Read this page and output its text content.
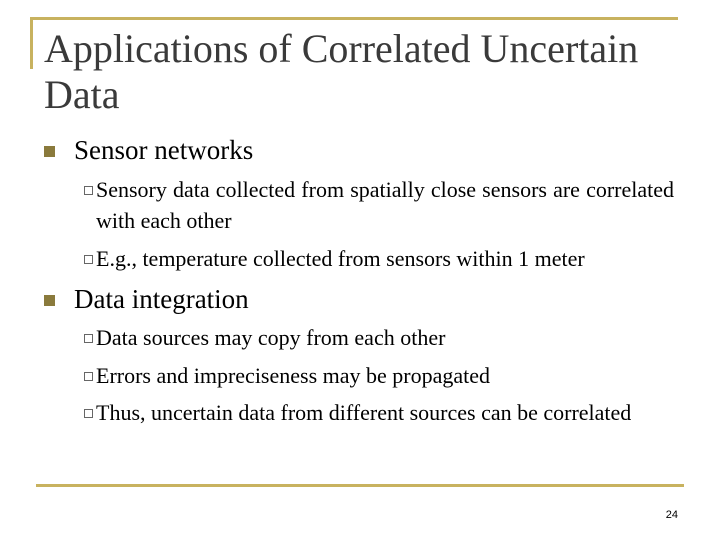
Applications of Correlated Uncertain Data
Sensor networks
Sensory data collected from spatially close sensors are correlated with each other
E.g., temperature collected from sensors within 1 meter
Data integration
Data sources may copy from each other
Errors and impreciseness may be propagated
Thus, uncertain data from different sources can be correlated
24
